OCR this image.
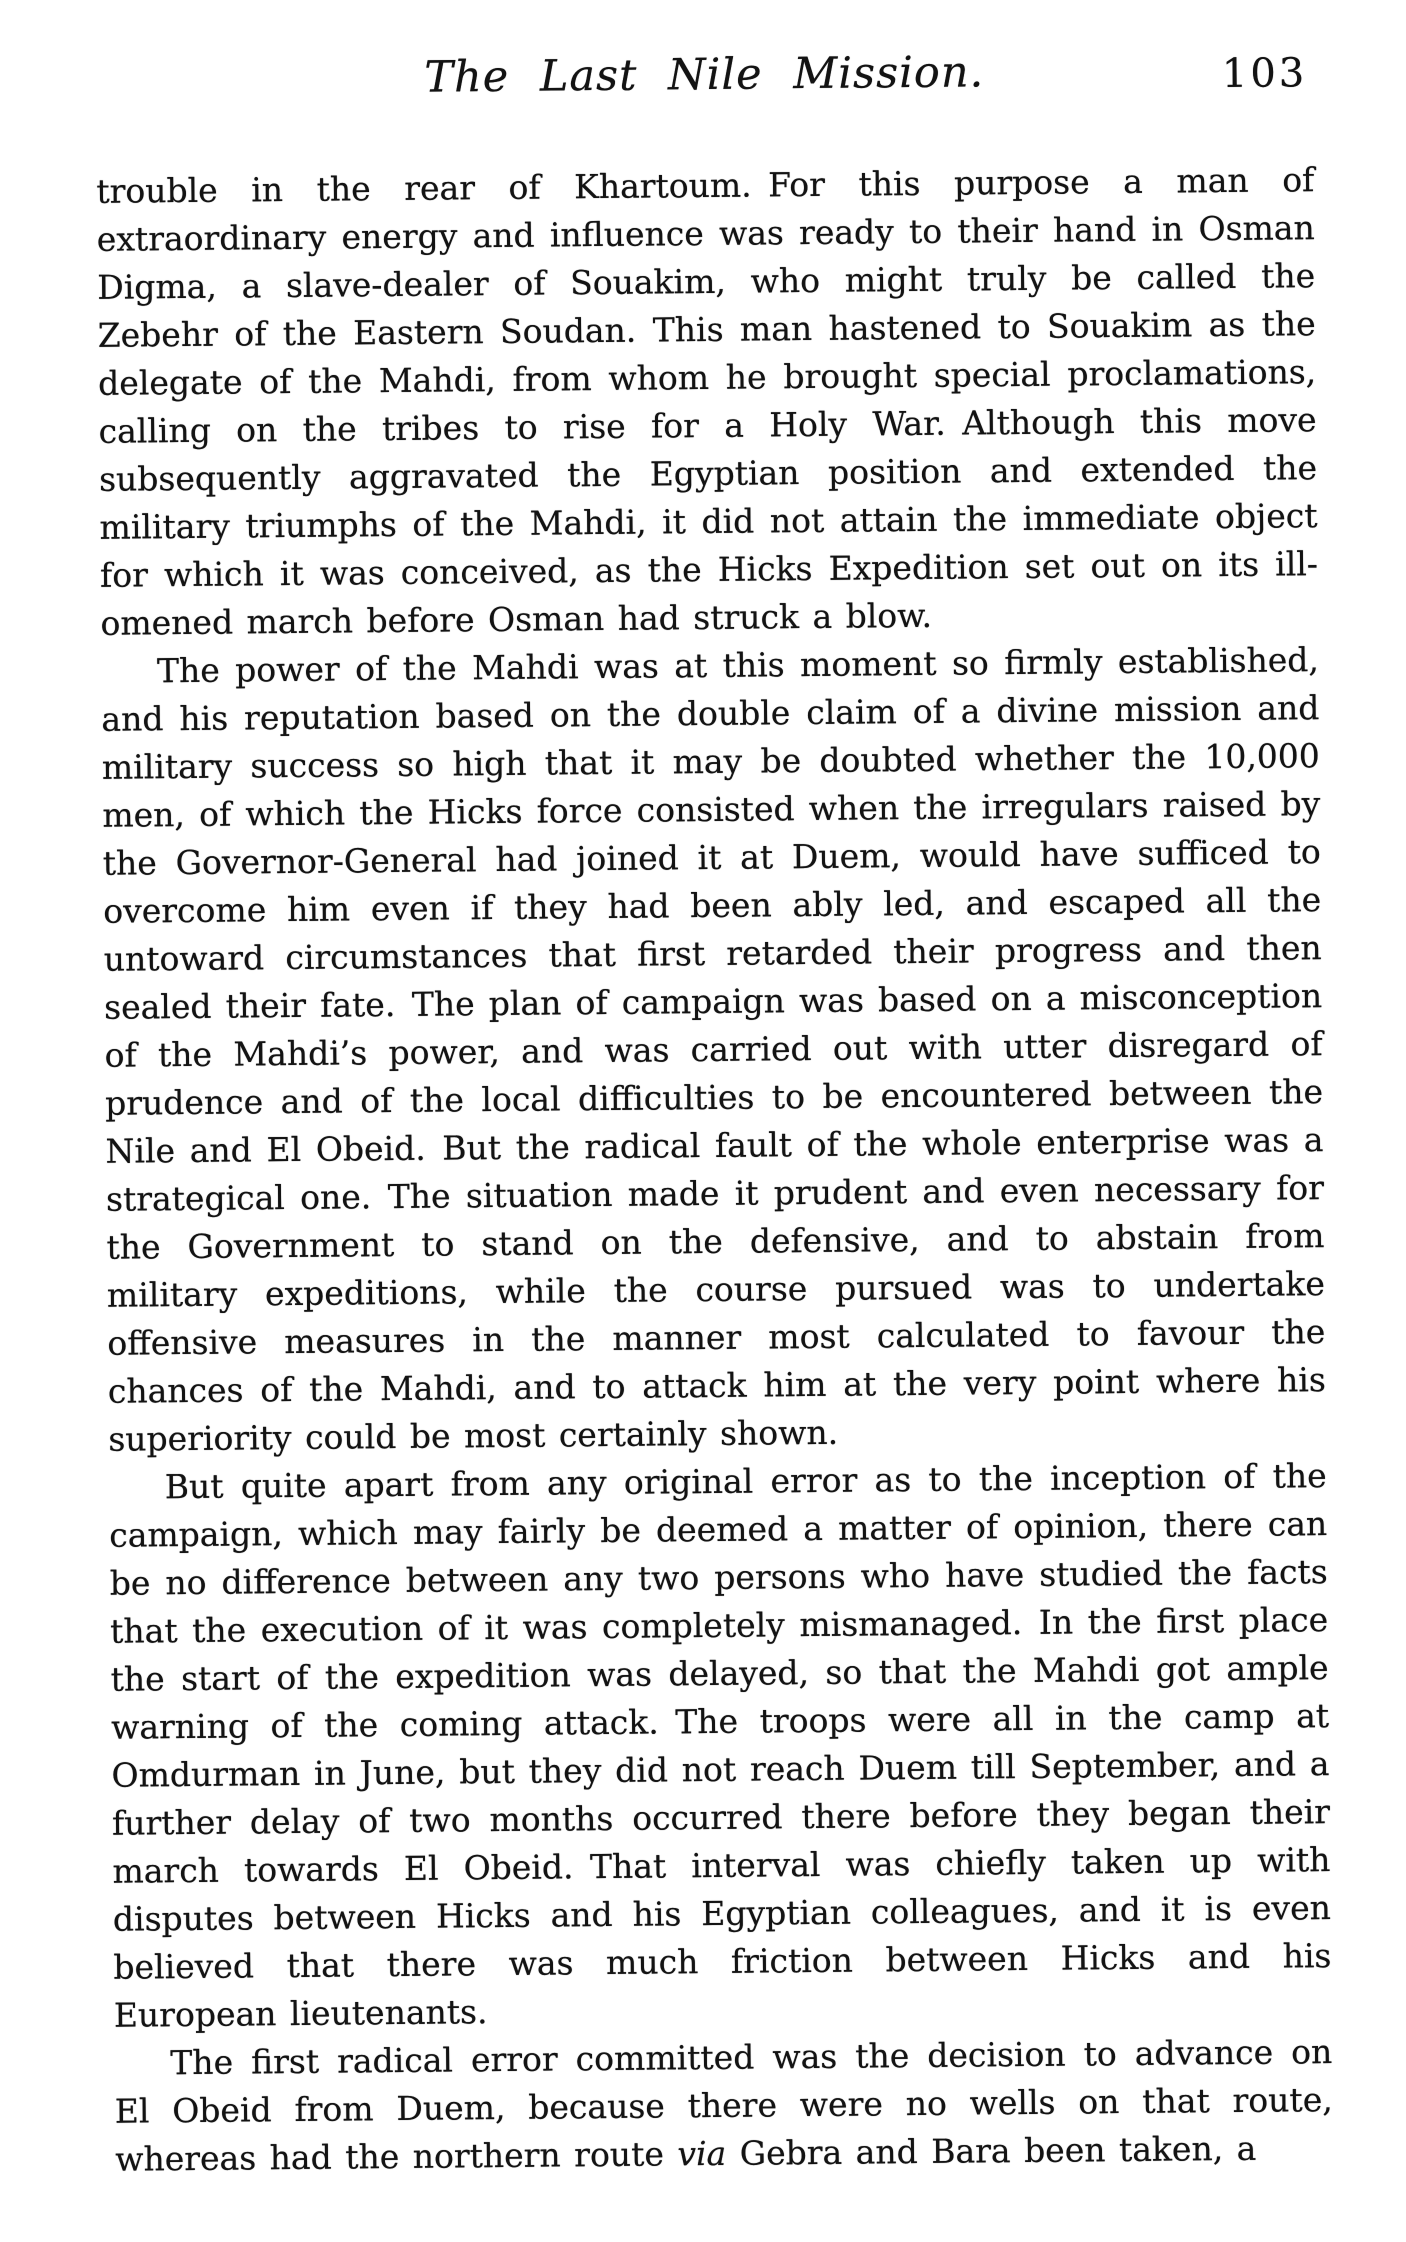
The Last Nile Mission.	103

trouble in the rear of Khartoum. For this purpose a man of extraordinary energy and influence was ready to their hand in Osman Digma, a slave-dealer of Souakim, who might truly be called the Zebehr of the Eastern Soudan. This man hastened to Souakim as the delegate of the Mahdi, from whom he brought special proclamations, calling on the tribes to rise for a Holy War. Although this move subsequently aggravated the Egyptian position and extended the military triumphs of the Mahdi, it did not attain the immediate object for which it was conceived, as the Hicks Expedition set out on its ill-omened march before Osman had struck a blow.

The power of the Mahdi was at this moment so firmly established, and his reputation based on the double claim of a divine mission and military success so high that it may be doubted whether the 10,000 men, of which the Hicks force consisted when the irregulars raised by the Governor-General had joined it at Duem, would have sufficed to overcome him even if they had been ably led, and escaped all the untoward circumstances that first retarded their progress and then sealed their fate. The plan of campaign was based on a misconception of the Mahdi’s power, and was carried out with utter disregard of prudence and of the local difficulties to be encountered between the Nile and El Obeid. But the radical fault of the whole enterprise was a strategical one. The situation made it prudent and even necessary for the Government to stand on the defensive, and to abstain from military expeditions, while the course pursued was to undertake offensive measures in the manner most calculated to favour the chances of the Mahdi, and to attack him at the very point where his superiority could be most certainly shown.

But quite apart from any original error as to the inception of the campaign, which may fairly be deemed a matter of opinion, there can be no difference between any two persons who have studied the facts that the execution of it was completely mismanaged. In the first place the start of the expedition was delayed, so that the Mahdi got ample warning of the coming attack. The troops were all in the camp at Omdurman in June, but they did not reach Duem till September, and a further delay of two months occurred there before they began their march towards El Obeid. That interval was chiefly taken up with disputes between Hicks and his Egyptian colleagues, and it is even believed that there was much friction between Hicks and his European lieutenants.

The first radical error committed was the decision to advance on El Obeid from Duem, because there were no wells on that route, whereas had the northern route via Gebra and Bara been taken, a
